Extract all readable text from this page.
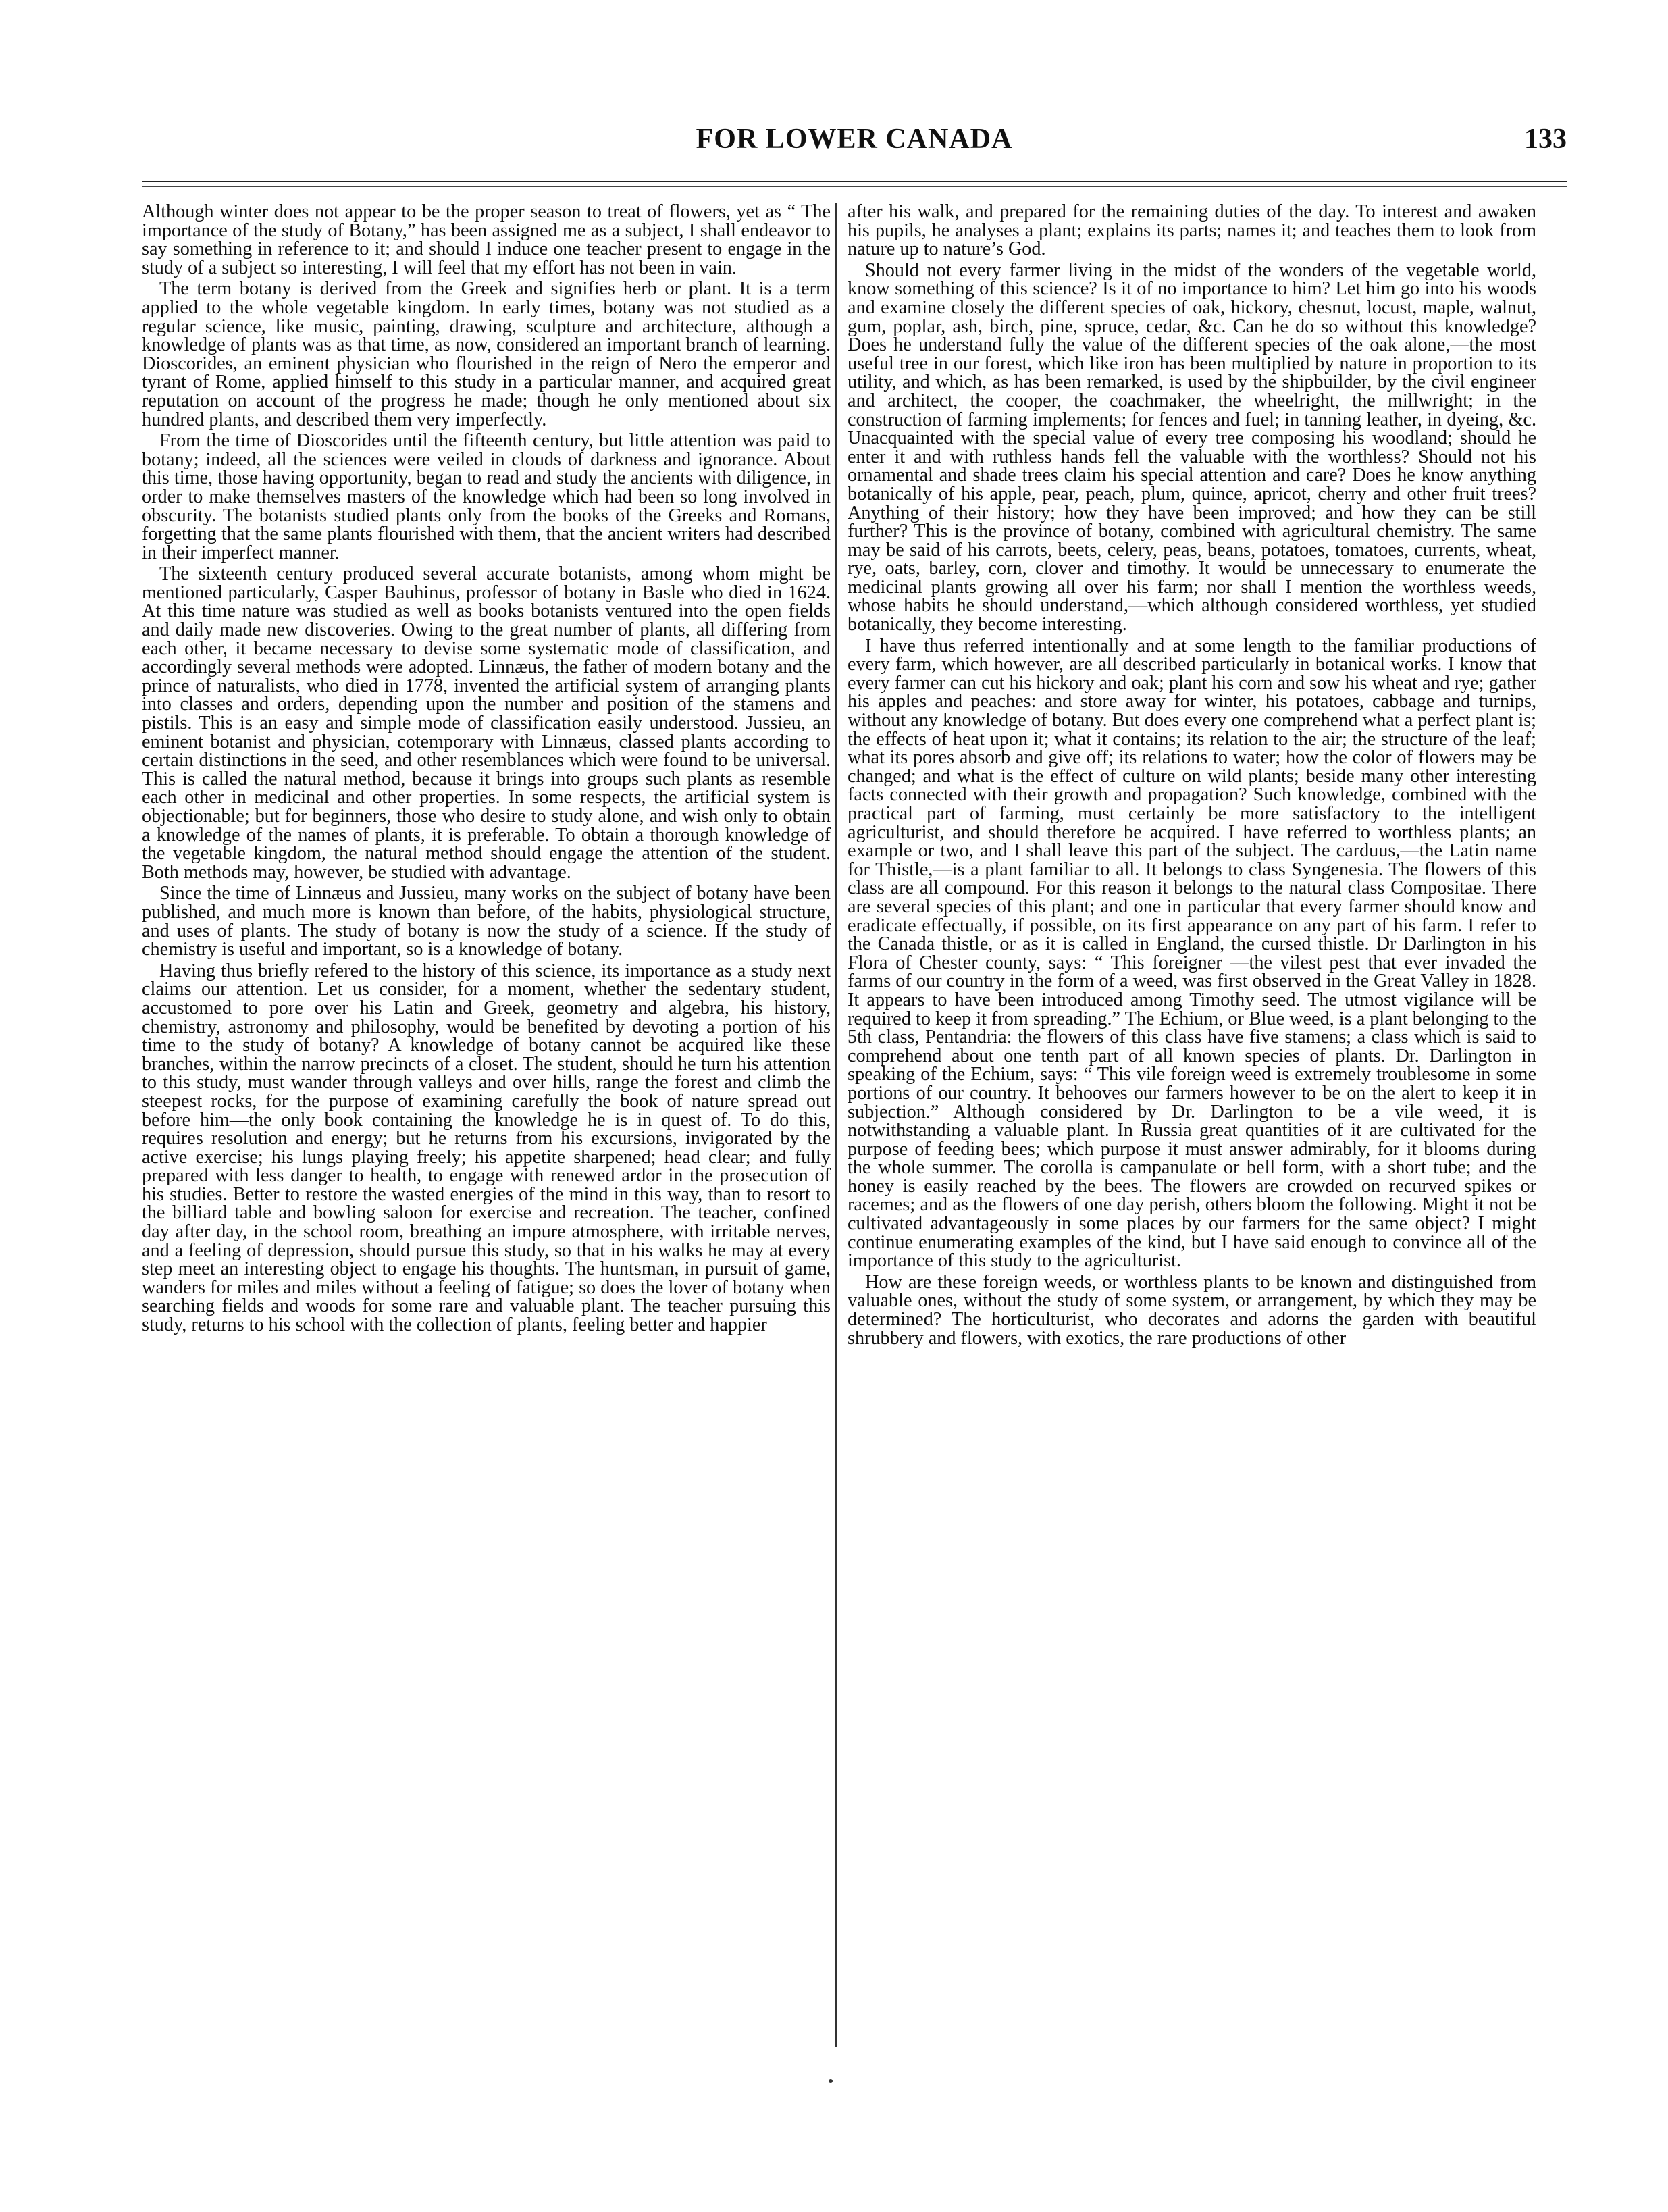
FOR LOWER CANADA	133

Although winter does not appear to be the proper season to treat of flowers, yet as “ The importance of the study of Botany,” has been assigned me as a subject, I shall endeavor to say something in reference to it; and should I induce one teacher present to engage in the study of a subject so interesting, I will feel that my effort has not been in vain.

The term botany is derived from the Greek and signifies herb or plant. It is a term applied to the whole vegetable kingdom. In early times, botany was not studied as a regular science, like music, painting, drawing, sculpture and architecture, although a knowledge of plants was as that time, as now, considered an important branch of learning. Dioscorides, an eminent physician who flourished in the reign of Nero the emperor and tyrant of Rome, applied himself to this study in a particular manner, and acquired great reputation on account of the progress he made; though he only mentioned about six hundred plants, and described them very imperfectly.

From the time of Dioscorides until the fifteenth century, but little attention was paid to botany; indeed, all the sciences were veiled in clouds of darkness and ignorance. About this time, those having opportunity, began to read and study the ancients with diligence, in order to make themselves masters of the knowledge which had been so long involved in obscurity. The botanists studied plants only from the books of the Greeks and Romans, forgetting that the same plants flourished with them, that the ancient writers had described in their imperfect manner.

The sixteenth century produced several accurate botanists, among whom might be mentioned particularly, Casper Bauhinus, professor of botany in Basle who died in 1624. At this time nature was studied as well as books botanists ventured into the open fields and daily made new discoveries. Owing to the great number of plants, all differing from each other, it became necessary to devise some systematic mode of classification, and accordingly several methods were adopted. Linnæus, the father of modern botany and the prince of naturalists, who died in 1778, invented the artificial system of arranging plants into classes and orders, depending upon the number and position of the stamens and pistils. This is an easy and simple mode of classification easily understood. Jussieu, an eminent botanist and physician, cotemporary with Linnæus, classed plants according to certain distinctions in the seed, and other resemblances which were found to be universal. This is called the natural method, because it brings into groups such plants as resemble each other in medicinal and other properties. In some respects, the artificial system is objectionable; but for beginners, those who desire to study alone, and wish only to obtain a knowledge of the names of plants, it is preferable. To obtain a thorough knowledge of the vegetable kingdom, the natural method should engage the attention of the student. Both methods may, however, be studied with advantage.

Since the time of Linnæus and Jussieu, many works on the subject of botany have been published, and much more is known than before, of the habits, physiological structure, and uses of plants. The study of botany is now the study of a science. If the study of chemistry is useful and important, so is a knowledge of botany.

Having thus briefly refered to the history of this science, its importance as a study next claims our attention. Let us consider, for a moment, whether the sedentary student, accustomed to pore over his Latin and Greek, geometry and algebra, his history, chemistry, astronomy and philosophy, would be benefited by devoting a portion of his time to the study of botany? A knowledge of botany cannot be acquired like these branches, within the narrow precincts of a closet. The student, should he turn his attention to this study, must wander through valleys and over hills, range the forest and climb the steepest rocks, for the purpose of examining carefully the book of nature spread out before him—the only book containing the knowledge he is in quest of. To do this, requires resolution and energy; but he returns from his excursions, invigorated by the active exercise; his lungs playing freely; his appetite sharpened; head clear; and fully prepared with less danger to health, to engage with renewed ardor in the prosecution of his studies. Better to restore the wasted energies of the mind in this way, than to resort to the billiard table and bowling saloon for exercise and recreation. The teacher, confined day after day, in the school room, breathing an impure atmosphere, with irritable nerves, and a feeling of depression, should pursue this study, so that in his walks he may at every step meet an interesting object to engage his thoughts. The huntsman, in pursuit of game, wanders for miles and miles without a feeling of fatigue; so does the lover of botany when searching fields and woods for some rare and valuable plant. The teacher pursuing this study, returns to his school with the collection of plants, feeling better and happier

after his walk, and prepared for the remaining duties of the day. To interest and awaken his pupils, he analyses a plant; explains its parts; names it; and teaches them to look from nature up to nature’s God.

Should not every farmer living in the midst of the wonders of the vegetable world, know something of this science? Is it of no importance to him? Let him go into his woods and examine closely the different species of oak, hickory, chesnut, locust, maple, walnut, gum, poplar, ash, birch, pine, spruce, cedar, &c. Can he do so without this knowledge? Does he understand fully the value of the different species of the oak alone,—the most useful tree in our forest, which like iron has been multiplied by nature in proportion to its utility, and which, as has been remarked, is used by the shipbuilder, by the civil engineer and architect, the cooper, the coachmaker, the wheelright, the millwright; in the construction of farming implements; for fences and fuel; in tanning leather, in dyeing, &c. Unacquainted with the special value of every tree composing his woodland; should he enter it and with ruthless hands fell the valuable with the worthless? Should not his ornamental and shade trees claim his special attention and care? Does he know anything botanically of his apple, pear, peach, plum, quince, apricot, cherry and other fruit trees? Anything of their history; how they have been improved; and how they can be still further? This is the province of botany, combined with agricultural chemistry. The same may be said of his carrots, beets, celery, peas, beans, potatoes, tomatoes, currents, wheat, rye, oats, barley, corn, clover and timothy. It would be unnecessary to enumerate the medicinal plants growing all over his farm; nor shall I mention the worthless weeds, whose habits he should understand,—which although considered worthless, yet studied botanically, they become interesting.

I have thus referred intentionally and at some length to the familiar productions of every farm, which however, are all described particularly in botanical works. I know that every farmer can cut his hickory and oak; plant his corn and sow his wheat and rye; gather his apples and peaches: and store away for winter, his potatoes, cabbage and turnips, without any knowledge of botany. But does every one comprehend what a perfect plant is; the effects of heat upon it; what it contains; its relation to the air; the structure of the leaf; what its pores absorb and give off; its relations to water; how the color of flowers may be changed; and what is the effect of culture on wild plants; beside many other interesting facts connected with their growth and propagation? Such knowledge, combined with the practical part of farming, must certainly be more satisfactory to the intelligent agriculturist, and should therefore be acquired. I have referred to worthless plants; an example or two, and I shall leave this part of the subject. The carduus,—the Latin name for Thistle,—is a plant familiar to all. It belongs to class Syngenesia. The flowers of this class are all compound. For this reason it belongs to the natural class Compositae. There are several species of this plant; and one in particular that every farmer should know and eradicate effectually, if possible, on its first appearance on any part of his farm. I refer to the Canada thistle, or as it is called in England, the cursed thistle. Dr Darlington in his Flora of Chester county, says: “ This foreigner —the vilest pest that ever invaded the farms of our country in the form of a weed, was first observed in the Great Valley in 1828. It appears to have been introduced among Timothy seed. The utmost vigilance will be required to keep it from spreading.” The Echium, or Blue weed, is a plant belonging to the 5th class, Pentandria: the flowers of this class have five stamens; a class which is said to comprehend about one tenth part of all known species of plants. Dr. Darlington in speaking of the Echium, says: “ This vile foreign weed is extremely troublesome in some portions of our country. It behooves our farmers however to be on the alert to keep it in subjection.” Although considered by Dr. Darlington to be a vile weed, it is notwithstanding a valuable plant. In Russia great quantities of it are cultivated for the purpose of feeding bees; which purpose it must answer admirably, for it blooms during the whole summer. The corolla is campanulate or bell form, with a short tube; and the honey is easily reached by the bees. The flowers are crowded on recurved spikes or racemes; and as the flowers of one day perish, others bloom the following. Might it not be cultivated advantageously in some places by our farmers for the same object? I might continue enumerating examples of the kind, but I have said enough to convince all of the importance of this study to the agriculturist.

How are these foreign weeds, or worthless plants to be known and distinguished from valuable ones, without the study of some system, or arrangement, by which they may be determined? The horticulturist, who decorates and adorns the garden with beautiful shrubbery and flowers, with exotics, the rare productions of other
